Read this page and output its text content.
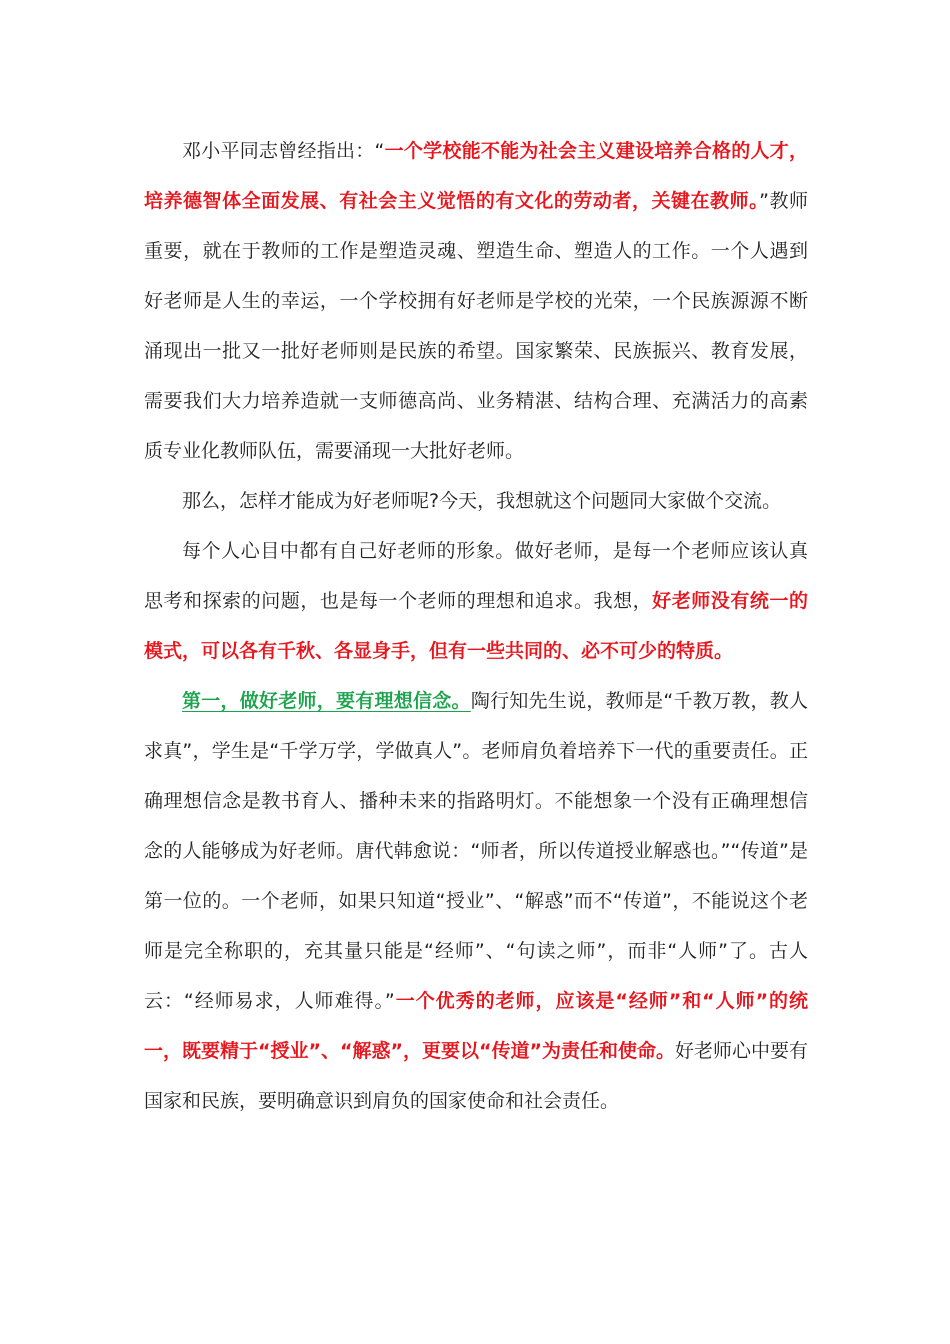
邓小平同志曾经指出：“一个学校能不能为社会主义建设培养合格的人才，培养德智体全面发展、有社会主义觉悟的有文化的劳动者，关键在教师。”教师重要，就在于教师的工作是塑造灵魂、塑造生命、塑造人的工作。一个人遇到好老师是人生的幸运，一个学校拥有好老师是学校的光荣，一个民族源源不断涌现出一批又一批好老师则是民族的希望。国家繁荣、民族振兴、教育发展，需要我们大力培养造就一支师德高尚、业务精湛、结构合理、充满活力的高素质专业化教师队伍，需要涌现一大批好老师。

那么，怎样才能成为好老师呢?今天，我想就这个问题同大家做个交流。

每个人心目中都有自己好老师的形象。做好老师，是每一个老师应该认真思考和探索的问题，也是每一个老师的理想和追求。我想，好老师没有统一的模式，可以各有千秋、各显身手，但有一些共同的、必不可少的特质。

第一，做好老师，要有理想信念。陶行知先生说，教师是“千教万教，教人求真”，学生是“千学万学，学做真人”。老师肩负着培养下一代的重要责任。正确理想信念是教书育人、播种未来的指路明灯。不能想象一个没有正确理想信念的人能够成为好老师。唐代韩愈说：“师者，所以传道授业解惑也。”“传道”是第一位的。一个老师，如果只知道“授业”、“解惑”而不“传道”，不能说这个老师是完全称职的，充其量只能是“经师”、“句读之师”，而非“人师”了。古人云：“经师易求，人师难得。”一个优秀的老师，应该是“经师”和“人师”的统一，既要精于“授业”、“解惑”，更要以“传道”为责任和使命。好老师心中要有国家和民族，要明确意识到肩负的国家使命和社会责任。
